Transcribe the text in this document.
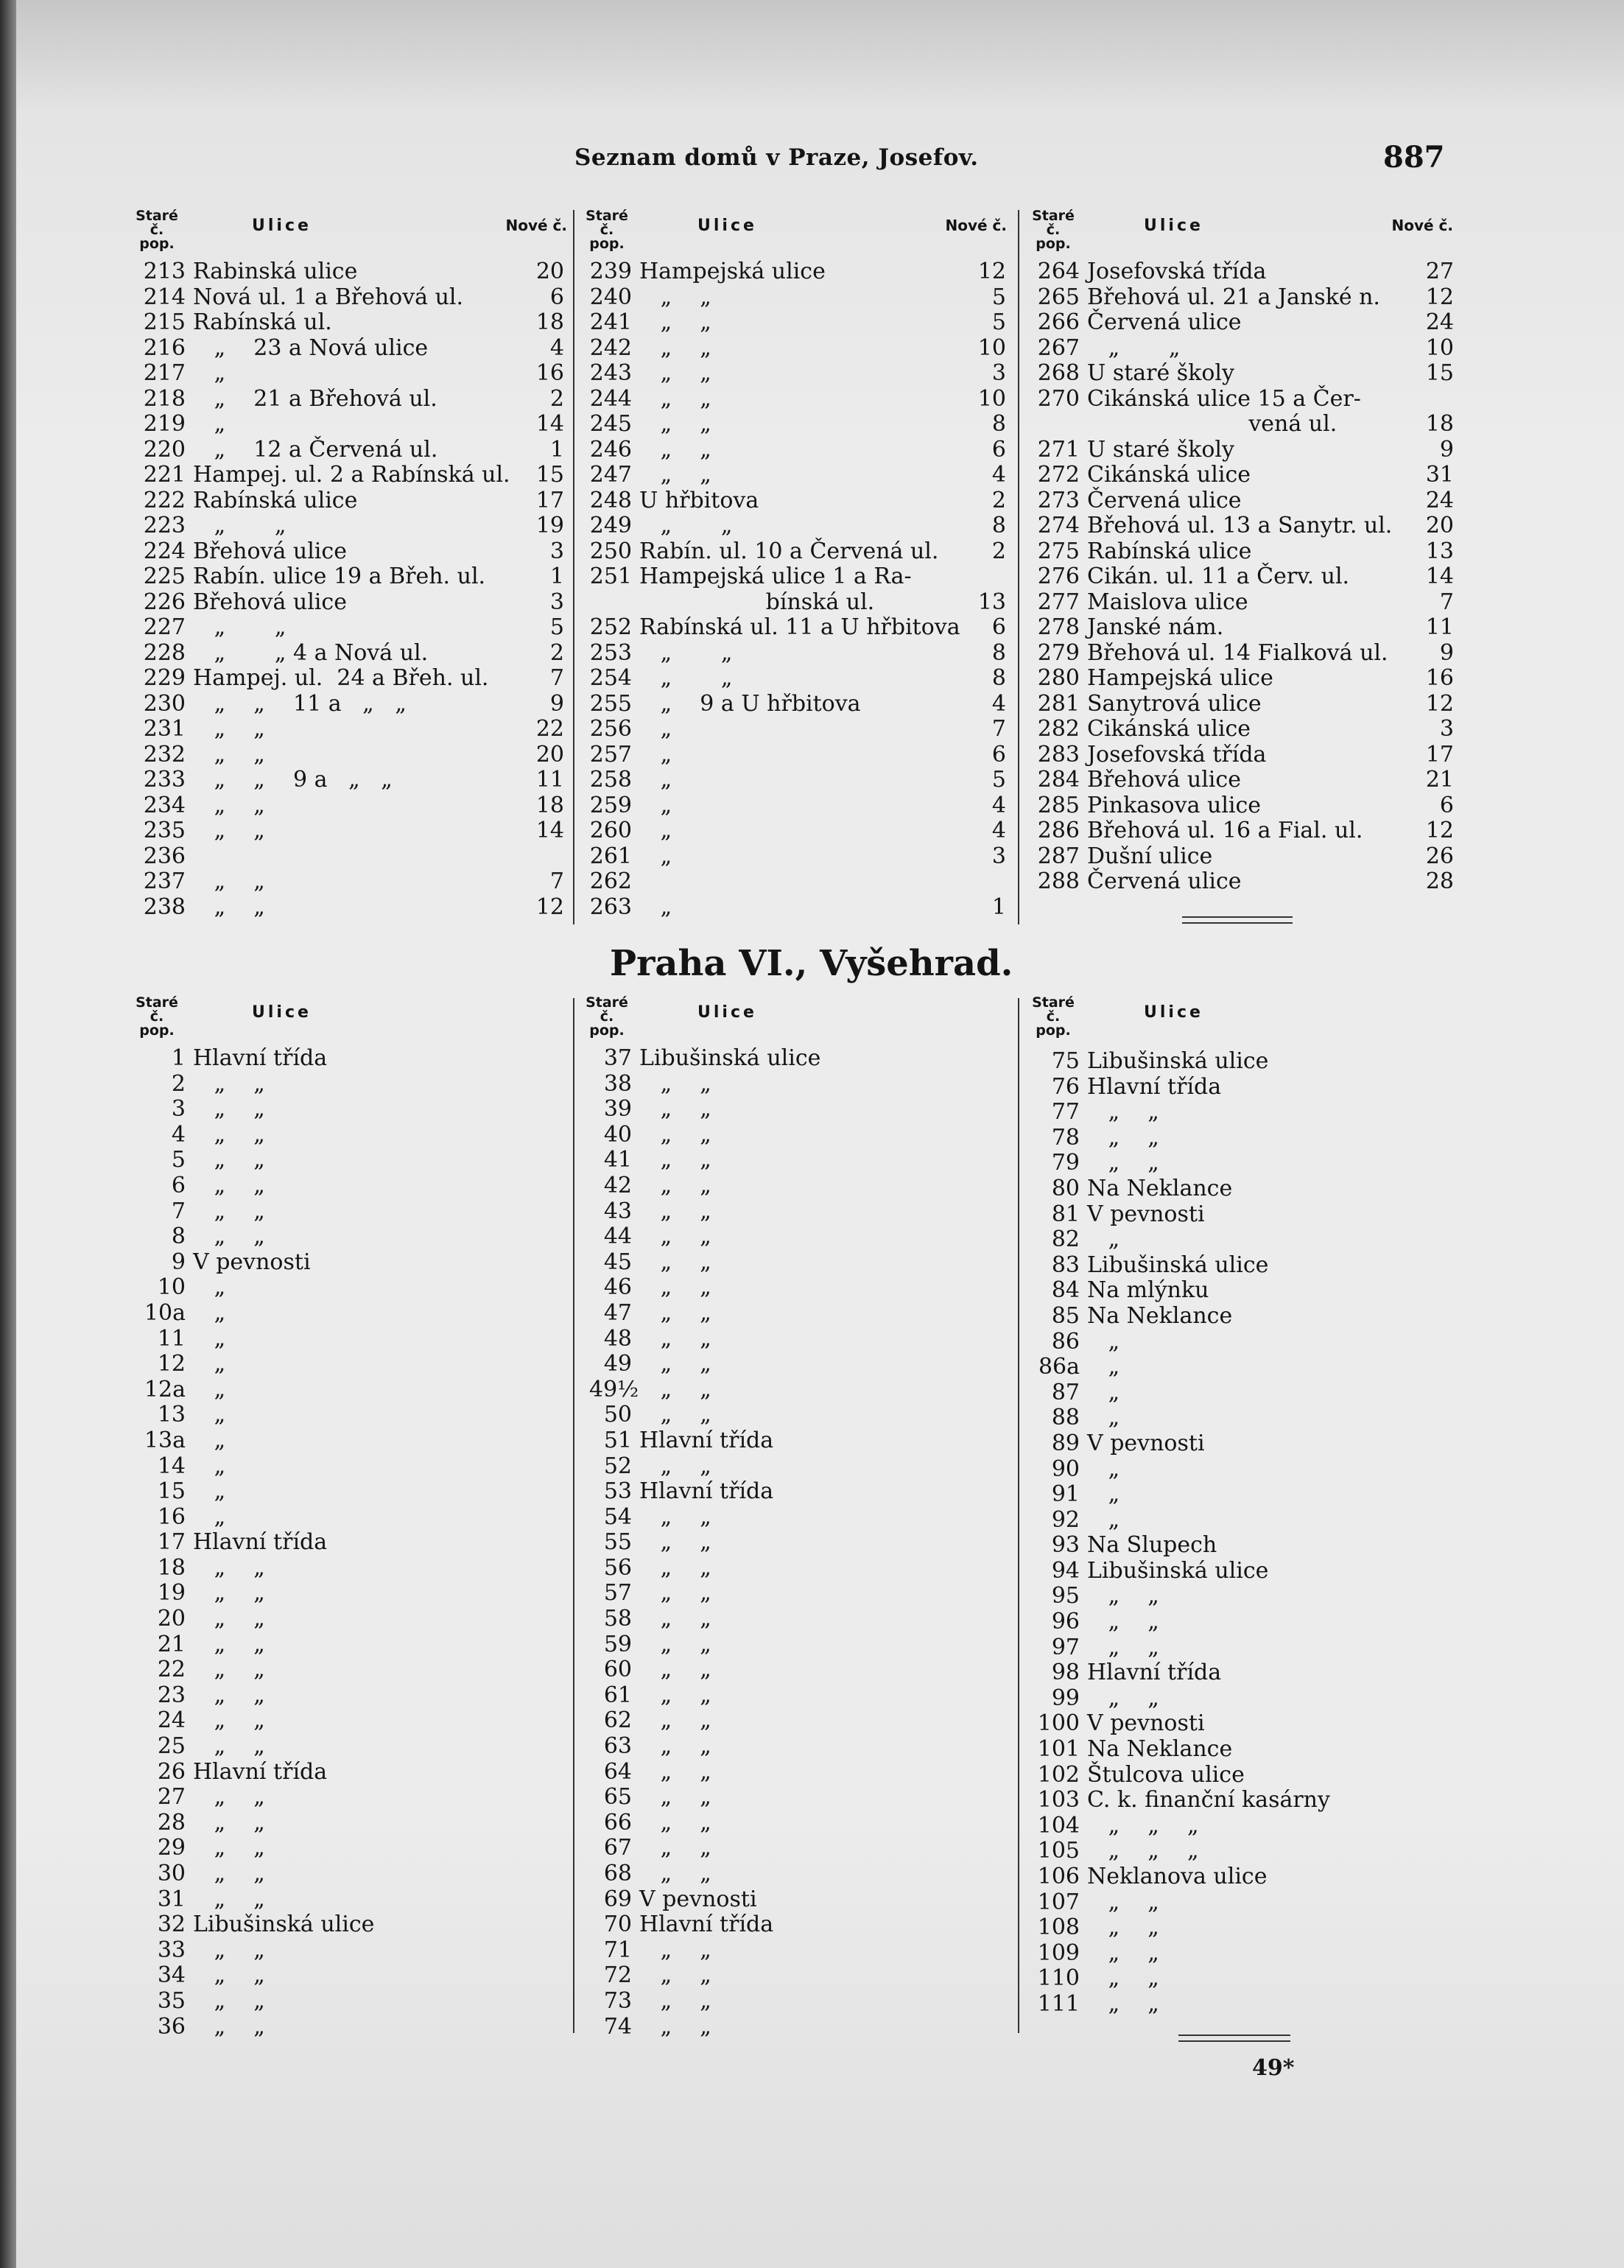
Seznam domů v Praze, Josefov.	887
Staré č.
pop.
Ulice	Nové č.
Staré č.
pop.
Ulice	Nové č.
Staré č.
pop.
Ulice	Nové č.
213 Rabinská ulice	20
214 Nová ul. 1 a Břehová ul.	6
215 Rabínská ul.	18
216 „    23 a Nová ulice	4
217 „	16
218 „    21 a Břehová ul.	2
219 „	14
220 „    12 a Červená ul.	1
221 Hampej. ul. 2 a Rabínská ul. 15
222 Rabínská ulice	17
223 „       „	19
224 Břehová ulice	3
225 Rabín. ulice 19 a Břeh. ul.	1
226 Břehová ulice	3
227 „       „	5
228 „       „ 4 a Nová ul.	2
229 Hampej. ul.  24 a Břeh. ul.	7
230 „    „    11 a   „   „	9
231 „    „	22
232 „    „	20
233 „    „    9 a   „   „	11
234 „    „	18
235 „    „	14
236
237 „    „	7
238 „    „	12
239 Hampejská ulice	12
240 „    „	5
241 „    „	5
242 „    „	10
243 „    „	3
244 „    „	10
245 „    „	8
246 „    „	6
247 „    „	4
248 U hřbitova	2
249 „       „	8
250 Rabín. ul. 10 a Červená ul. 2
251 Hampejská ulice 1 a Ra-
bínská ul.	13
252 Rabínská ul. 11 a U hřbitova 6
253 „       „	8
254 „       „	8
255 „    9 a U hřbitova	4
256 „	7
257 „	6
258 „	5
259 „	4
260 „	4
261 „	3
262
263 „	1
264 Josefovská třída	27
265 Břehová ul. 21 a Janské n. 12
266 Červená ulice	24
267 „       „	10
268 U staré školy	15
270 Cikánská ulice 15 a Čer-
vená ul.	18
271 U staré školy	9
272 Cikánská ulice	31
273 Červená ulice	24
274 Břehová ul. 13 a Sanytr. ul. 20
275 Rabínská ulice	13
276 Cikán. ul. 11 a Červ. ul.	14
277 Maislova ulice	7
278 Janské nám.	11
279 Břehová ul. 14 Fialková ul. 9
280 Hampejská ulice	16
281 Sanytrová ulice	12
282 Cikánská ulice	3
283 Josefovská třída	17
284 Břehová ulice	21
285 Pinkasova ulice	6
286 Břehová ul. 16 a Fial. ul.	12
287 Dušní ulice	26
288 Červená ulice	28
Praha VI., Vyšehrad.
Staré č.
pop.
Ulice
Staré č.
pop.
Ulice
Staré č.
pop.
Ulice
1 Hlavní třída
2 „    „
3 „    „
4 „    „
5 „    „
6 „    „
7 „    „
8 „    „
9 V pevnosti
10 „
10a „
11 „
12 „
12a „
13 „
13a „
14 „
15 „
16 „
17 Hlavní třída
18 „    „
19 „    „
20 „    „
21 „    „
22 „    „
23 „    „
24 „    „
25 „    „
26 Hlavní třída
27 „    „
28 „    „
29 „    „
30 „    „
31 „    „
32 Libušinská ulice
33 „    „
34 „    „
35 „    „
36 „    „
37 Libušinská ulice
38 „    „
39 „    „
40 „    „
41 „    „
42 „    „
43 „    „
44 „    „
45 „    „
46 „    „
47 „    „
48 „    „
49 „    „
49½ „    „
50 „    „
51 Hlavní třída
52 „    „
53 Hlavní třída
54 „    „
55 „    „
56 „    „
57 „    „
58 „    „
59 „    „
60 „    „
61 „    „
62 „    „
63 „    „
64 „    „
65 „    „
66 „    „
67 „    „
68 „    „
69 V pevnosti
70 Hlavní třída
71 „    „
72 „    „
73 „    „
74 „    „
75 Libušinská ulice
76 Hlavní třída
77 „    „
78 „    „
79 „    „
80 Na Neklance
81 V pevnosti
82 „
83 Libušinská ulice
84 Na mlýnku
85 Na Neklance
86 „
86a „
87 „
88 „
89 V pevnosti
90 „
91 „
92 „
93 Na Slupech
94 Libušinská ulice
95 „    „
96 „    „
97 „    „
98 Hlavní třída
99 „    „
100 V pevnosti
101 Na Neklance
102 Štulcova ulice
103 C. k. finanční kasárny
104 „    „    „
105 „    „    „
106 Neklanova ulice
107 „    „
108 „    „
109 „    „
110 „    „
111 „    „
49*
